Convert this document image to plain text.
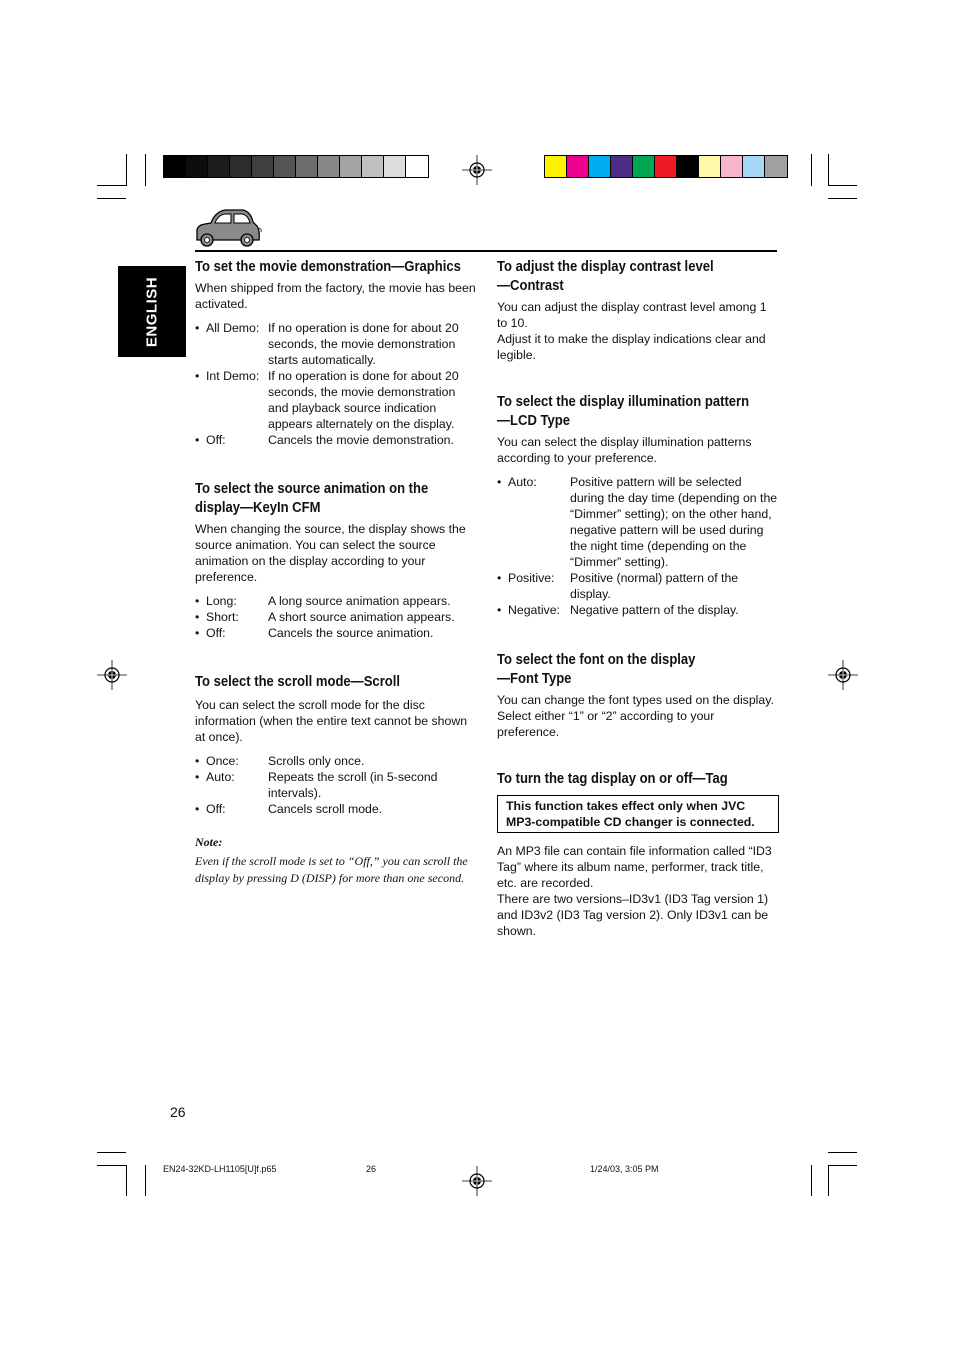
ENGLISH
To set the movie demonstration—Graphics

When shipped from the factory, the movie has been activated.

• All Demo: If no operation is done for about 20 seconds, the movie demonstration starts automatically.
• Int Demo: If no operation is done for about 20 seconds, the movie demonstration and playback source indication appears alternately on the display.
• Off:	Cancels the movie demonstration.
To select the source animation on the
display—KeyIn CFM

When changing the source, the display shows the source animation. You can select the source animation on the display according to your preference.

• Long:	A long source animation appears.
• Short: A short source animation appears.
• Off:	Cancels the source animation.
To select the scroll mode—Scroll

You can select the scroll mode for the disc information (when the entire text cannot be shown at once).

• Once: Scrolls only once.
• Auto:	Repeats the scroll (in 5-second intervals).
• Off:	Cancels scroll mode.
Note:
Even if the scroll mode is set to “Off,” you can scroll the display by pressing D (DISP) for more than one second.
To adjust the display contrast level
—Contrast

You can adjust the display contrast level among 1 to 10.

Adjust it to make the display indications clear and legible.

To select the display illumination pattern
—LCD Type

You can select the display illumination patterns according to your preference.

• Auto:	Positive pattern will be selected during the day time (depending on the “Dimmer” setting); on the other hand, negative pattern will be used during the night time (depending on the “Dimmer” setting).
• Positive: Positive (normal) pattern of the display.
• Negative: Negative pattern of the display.
To select the font on the display
—Font Type

You can change the font types used on the display. Select either “1” or “2” according to your preference.

To turn the tag display on or off—Tag
This function takes effect only when JVC MP3-compatible CD changer is connected.

An MP3 file can contain file information called “ID3 Tag” where its album name, performer, track title, etc. are recorded.

There are two versions–ID3v1 (ID3 Tag version 1) and ID3v2 (ID3 Tag version 2). Only ID3v1 can be shown.

26
EN24-32KD-LH1105[U]f.p65	26	1/24/03, 3:05 PM
